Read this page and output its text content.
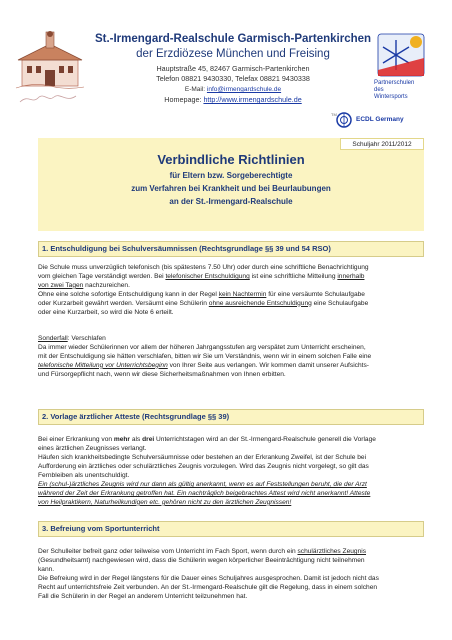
St.-Irmengard-Realschule Garmisch-Partenkirchen
der Erzdiözese München und Freising
Hauptstraße 45, 82467 Garmisch-Partenkirchen
Telefon 08821 9430330, Telefax 08821 9430338
E-Mail: info@irmengardschule.de
Homepage: http://www.irmengardschule.de
Partnerschulen
des
Wintersports
TM
ECDL Germany
Schuljahr 2011/2012
Verbindliche Richtlinien
für Eltern bzw. Sorgeberechtigte
zum Verfahren bei Krankheit und bei Beurlaubungen
an der St.-Irmengard-Realschule
1. Entschuldigung bei Schulversäumnissen (Rechtsgrundlage §§ 39 und 54 RSO)
Die Schule muss unverzüglich telefonisch (bis spätestens 7.50 Uhr) oder durch eine schriftliche Benachrichtigung
vom gleichen Tage verständigt werden. Bei telefonischer Entschuldigung ist eine schriftliche Mitteilung innerhalb
von zwei Tagen nachzureichen.
Ohne eine solche sofortige Entschuldigung kann in der Regel kein Nachtermin für eine versäumte Schulaufgabe
oder Kurzarbeit gewährt werden. Versäumt eine Schülerin ohne ausreichende Entschuldigung eine Schulaufgabe
oder eine Kurzarbeit, so wird die Note 6 erteilt.
Sonderfall: Verschlafen
Da immer wieder Schülerinnen vor allem der höheren Jahrgangsstufen arg verspätet zum Unterricht erscheinen,
mit der Entschuldigung sie hätten verschlafen, bitten wir Sie um Verständnis, wenn wir in einem solchen Falle eine
telefonische Mitteilung vor Unterrichtsbeginn von Ihrer Seite aus verlangen. Wir kommen damit unserer Aufsichts-
und Fürsorgepflicht nach, wenn wir diese Sicherheitsmaßnahmen von Ihnen erbitten.
2. Vorlage ärztlicher Atteste (Rechtsgrundlage §§ 39)
Bei einer Erkrankung von mehr als drei Unterrichtstagen wird an der St.-Irmengard-Realschule generell die Vorlage
eines ärztlichen Zeugnisses verlangt.
Häufen sich krankheitsbedingte Schulversäumnisse oder bestehen an der Erkrankung Zweifel, ist der Schule bei
Aufforderung ein ärztliches oder schulärztliches Zeugnis vorzulegen. Wird das Zeugnis nicht vorgelegt, so gilt das
Fernbleiben als unentschuldigt.
Ein (schul-)ärztliches Zeugnis wird nur dann als gültig anerkannt, wenn es auf Feststellungen beruht, die der Arzt
während der Zeit der Erkrankung getroffen hat. Ein nachträglich beigebrachtes Attest wird nicht anerkannt! Atteste
von Heilpraktikern, Naturheilkundigen etc. gehören nicht zu den ärztlichen Zeugnissen!
3. Befreiung vom Sportunterricht
Der Schulleiter befreit ganz oder teilweise vom Unterricht im Fach Sport, wenn durch ein schulärztliches Zeugnis
(Gesundheitsamt) nachgewiesen wird, dass die Schülerin wegen körperlicher Beeinträchtigung nicht teilnehmen
kann.
Die Befreiung wird in der Regel längstens für die Dauer eines Schuljahres ausgesprochen. Damit ist jedoch nicht das
Recht auf unterrichtsfreie Zeit verbunden. An der St.-Irmengard-Realschule gilt die Regelung, dass in einem solchen
Fall die Schülerin in der Regel an anderem Unterricht teilzunehmen hat.
